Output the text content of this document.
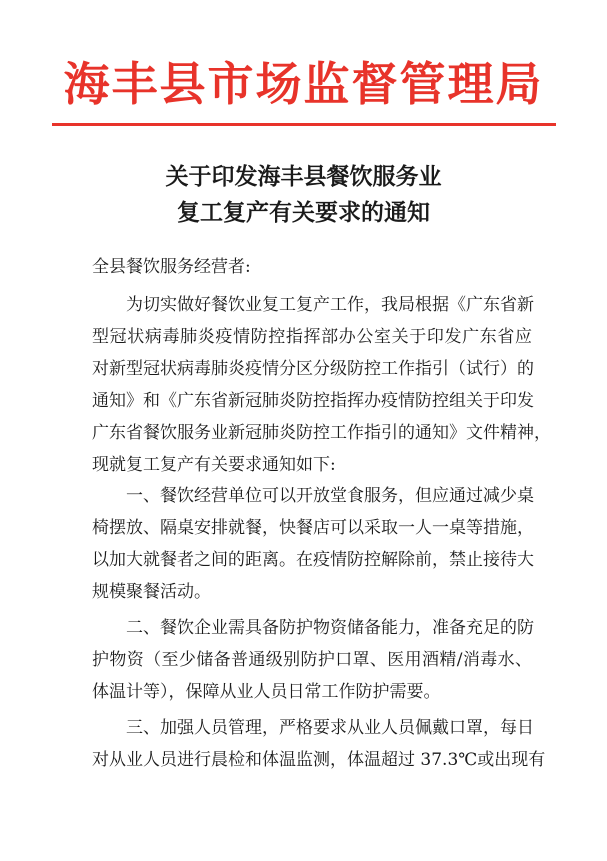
海丰县市场监督管理局
关于印发海丰县餐饮服务业
复工复产有关要求的通知
全县餐饮服务经营者:
为切实做好餐饮业复工复产工作，我局根据《广东省新
型冠状病毒肺炎疫情防控指挥部办公室关于印发广东省应
对新型冠状病毒肺炎疫情分区分级防控工作指引（试行）的
通知》和《广东省新冠肺炎防控指挥办疫情防控组关于印发
广东省餐饮服务业新冠肺炎防控工作指引的通知》文件精神，
现就复工复产有关要求通知如下:
一、餐饮经营单位可以开放堂食服务，但应通过减少桌
椅摆放、隔桌安排就餐，快餐店可以采取一人一桌等措施，
以加大就餐者之间的距离。在疫情防控解除前，禁止接待大
规模聚餐活动。
二、餐饮企业需具备防护物资储备能力，准备充足的防
护物资（至少储备普通级别防护口罩、医用酒精/消毒水、
体温计等），保障从业人员日常工作防护需要。
三、加强人员管理，严格要求从业人员佩戴口罩，每日
对从业人员进行晨检和体温监测，体温超过 37.3℃或出现有
